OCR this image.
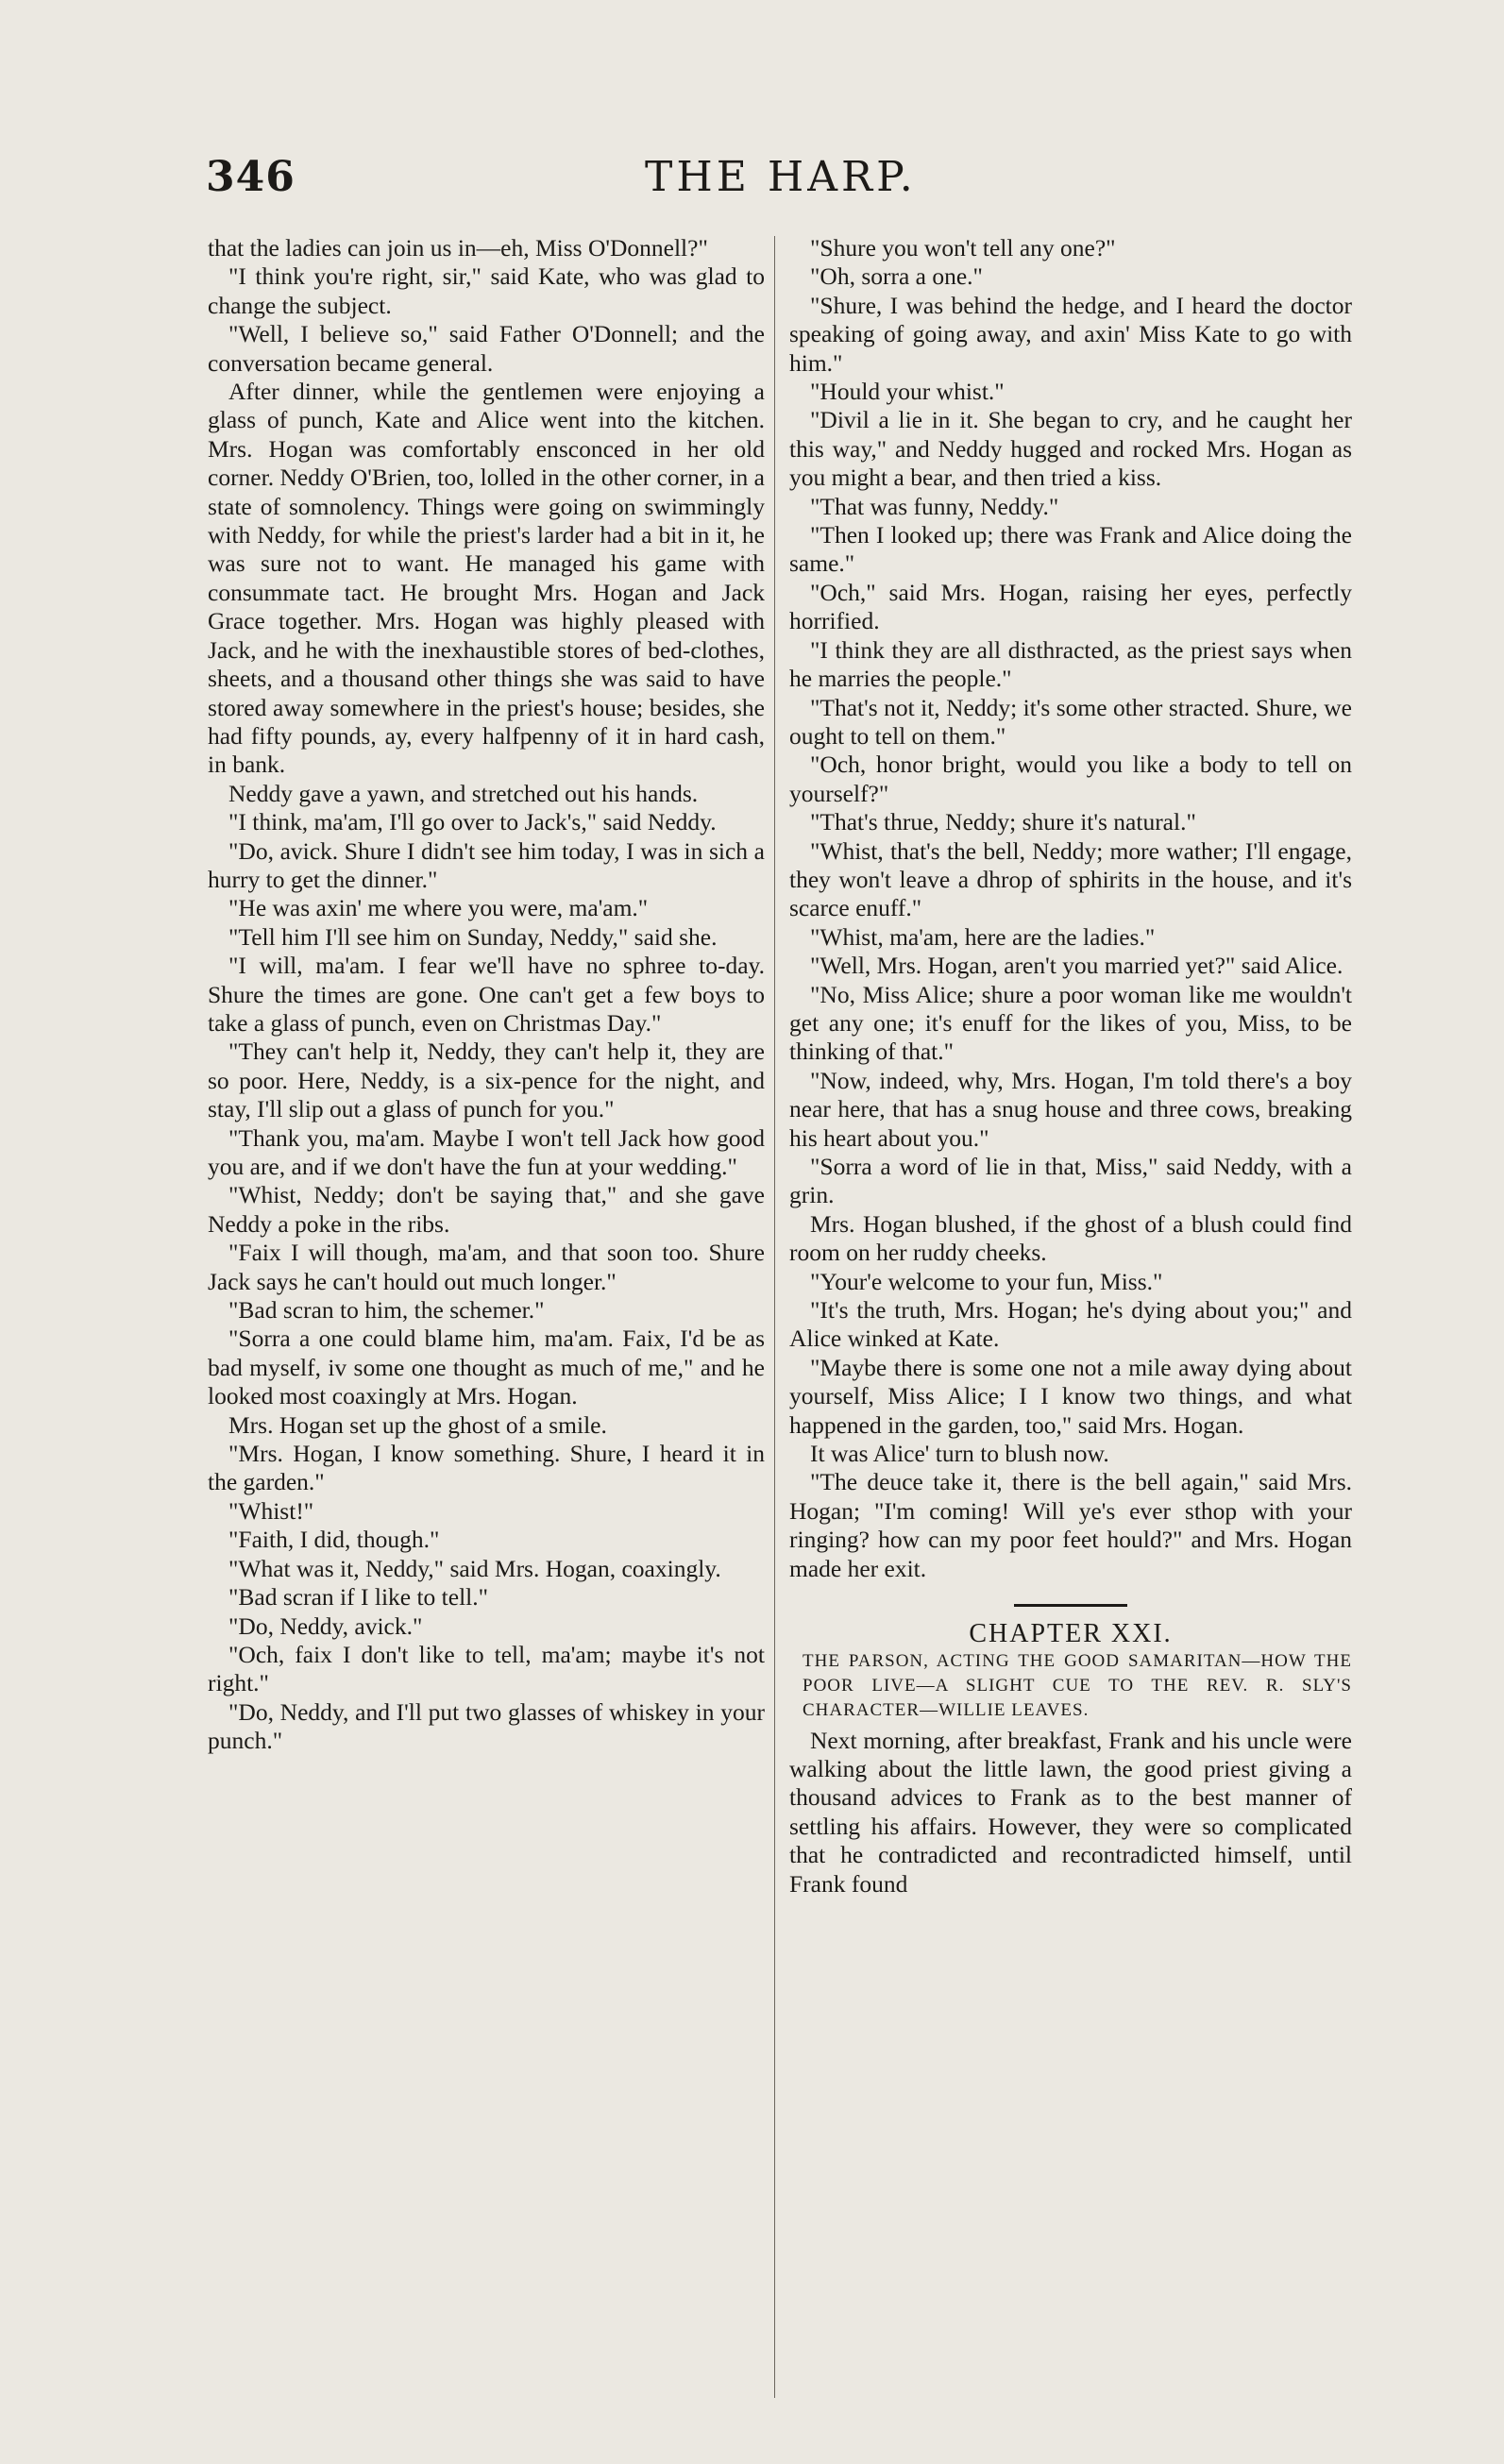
346	THE HARP.

that the ladies can join us in—eh, Miss O'Donnell?"

"I think you're right, sir," said Kate, who was glad to change the subject.

"Well, I believe so," said Father O'Donnell; and the conversation became general.

After dinner, while the gentlemen were enjoying a glass of punch, Kate and Alice went into the kitchen. Mrs. Hogan was comfortably ensconced in her old corner. Neddy O'Brien, too, lolled in the other corner, in a state of somnolency. Things were going on swimmingly with Neddy, for while the priest's larder had a bit in it, he was sure not to want. He managed his game with consummate tact. He brought Mrs. Hogan and Jack Grace together. Mrs. Hogan was highly pleased with Jack, and he with the inexhaustible stores of bed-clothes, sheets, and a thousand other things she was said to have stored away somewhere in the priest's house; besides, she had fifty pounds, ay, every halfpenny of it in hard cash, in bank.

Neddy gave a yawn, and stretched out his hands.

"I think, ma'am, I'll go over to Jack's," said Neddy.

"Do, avick. Shure I didn't see him today, I was in sich a hurry to get the dinner."

"He was axin' me where you were, ma'am."

"Tell him I'll see him on Sunday, Neddy," said she.

"I will, ma'am. I fear we'll have no sphree to-day. Shure the times are gone. One can't get a few boys to take a glass of punch, even on Christmas Day."

"They can't help it, Neddy, they can't help it, they are so poor. Here, Neddy, is a six-pence for the night, and stay, I'll slip out a glass of punch for you."

"Thank you, ma'am. Maybe I won't tell Jack how good you are, and if we don't have the fun at your wedding."

"Whist, Neddy; don't be saying that," and she gave Neddy a poke in the ribs.

"Faix I will though, ma'am, and that soon too. Shure Jack says he can't hould out much longer."

"Bad scran to him, the schemer."

"Sorra a one could blame him, ma'am. Faix, I'd be as bad myself, iv some one thought as much of me," and he looked most coaxingly at Mrs. Hogan.

Mrs. Hogan set up the ghost of a smile.

"Mrs. Hogan, I know something. Shure, I heard it in the garden."

"Whist!"

"Faith, I did, though."

"What was it, Neddy," said Mrs. Hogan, coaxingly.

"Bad scran if I like to tell."

"Do, Neddy, avick."

"Och, faix I don't like to tell, ma'am; maybe it's not right."

"Do, Neddy, and I'll put two glasses of whiskey in your punch."

"Shure you won't tell any one?"

"Oh, sorra a one."

"Shure, I was behind the hedge, and I heard the doctor speaking of going away, and axin' Miss Kate to go with him."

"Hould your whist."

"Divil a lie in it. She began to cry, and he caught her this way," and Neddy hugged and rocked Mrs. Hogan as you might a bear, and then tried a kiss.

"That was funny, Neddy."

"Then I looked up; there was Frank and Alice doing the same."

"Och," said Mrs. Hogan, raising her eyes, perfectly horrified.

"I think they are all disthracted, as the priest says when he marries the people."

"That's not it, Neddy; it's some other stracted. Shure, we ought to tell on them."

"Och, honor bright, would you like a body to tell on yourself?"

"That's thrue, Neddy; shure it's natural."

"Whist, that's the bell, Neddy; more wather; I'll engage, they won't leave a dhrop of sphirits in the house, and it's scarce enuff."

"Whist, ma'am, here are the ladies."

"Well, Mrs. Hogan, aren't you married yet?" said Alice.

"No, Miss Alice; shure a poor woman like me wouldn't get any one; it's enuff for the likes of you, Miss, to be thinking of that."

"Now, indeed, why, Mrs. Hogan, I'm told there's a boy near here, that has a snug house and three cows, breaking his heart about you."

"Sorra a word of lie in that, Miss," said Neddy, with a grin.

Mrs. Hogan blushed, if the ghost of a blush could find room on her ruddy cheeks.

"Your'e welcome to your fun, Miss."

"It's the truth, Mrs. Hogan; he's dying about you;" and Alice winked at Kate.

"Maybe there is some one not a mile away dying about yourself, Miss Alice; I I know two things, and what happened in the garden, too," said Mrs. Hogan.

It was Alice' turn to blush now.

"The deuce take it, there is the bell again," said Mrs. Hogan; "I'm coming! Will ye's ever sthop with your ringing? how can my poor feet hould?" and Mrs. Hogan made her exit.

CHAPTER XXI.

THE PARSON, ACTING THE GOOD SAMARITAN—HOW THE POOR LIVE—A SLIGHT CUE TO THE REV. R. SLY'S CHARACTER—WILLIE LEAVES.

Next morning, after breakfast, Frank and his uncle were walking about the little lawn, the good priest giving a thousand advices to Frank as to the best manner of settling his affairs. However, they were so complicated that he contradicted and recontradicted himself, until Frank found
